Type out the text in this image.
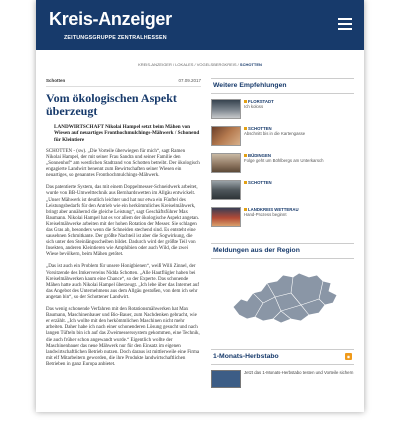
Kreis-Anzeiger
ZEITUNGSGRUPPE ZENTRALHESSEN
KREIS-ANZEIGER / LOKALES / VOGELSBERGKREIS / SCHOTTEN
Schotten	07.09.2017
Vom ökologischen Aspekt überzeugt
LANDWIRTSCHAFT Nikolai Hampel setzt beim Mähen von Wiesen auf neuartiges Fronthochmulchings-Mähwerk / Schonend für Kleintiere

SCHOTTEN - (sw). „Die Vorteile überwiegen für mich“, sagt Ramen Nikolai Hampel, der mit seiner Frau Sandra und seiner Familie den „Sonnenhof“ am westlichen Stadtrand von Schotten betreibt. Der ökologisch engagierte Landwirt benennt zum Bewirtschaften seiner Wiesen ein neuartiges, so genanntes Fronthochmulchings-Mähwerk.

Das patentierte System, das mit einem Doppelmesser-Schneidwerk arbeitet, wurde von BB-Umwelttechnik aus Bernhardswetten im Allgäu entwickelt. „Unser Mähwerk ist deutlich leichter und hat nur etwa ein Fünftel des Leistungsbedarfs für den Antrieb wie ein herkömmliches Kreiselmähwerk, bringt aber annähernd die gleiche Leistung“, sagt Geschäftsführer Max Baumann. Nikolai Hampel hat es vor allem der ökologische Aspekt angetan. Kreiselmähwerke arbeiten mit der hohen Rotation der Messer. Sie schlagen das Gras ab, besonders wenn die Schneiden stechend sind. Es entsteht eine sausehnen Schmitkante. Der größte Nachteil ist aber die Sogwirkung, die sich unter den Steinlängsscheiben bildet. Dadurch wird der größte Teil von Insekten, anderen Kleintieren wie Amphibien oder auch Wild, die zwei Wiese bevölkern, beim Mähen getötet.

„Das ist auch ein Problem für unsere Honigbienen“, weiß Willi Zinnel, der Vorsitzende des Imkervereins Nidda Schotten. „Alle Hautflügler haben bei Kreiselmähwerken kaum eine Chance“, so der Experte. Das schonende Mähen hatte auch Nikolai Hampel überzeugt. „Ich lebe über das Internet auf das Angebot des Unternehmens aus dem Allgäu gestoßen, von dem ich sehr angetan bin“, so der Schottener Landwirt.

Das wenig schonende Verfahren mit den Rotationsmähwerken hat Max Baumann, Maschinenbauer und Bio-Bauer, zum Nachdenken gebracht, wie er erzählt. „Ich wollte mit den herkömmlichen Maschinen nicht mehr arbeiten. Daher habe ich nach einer schonenderen Lösung gesucht und nach langen Tüfteln bin ich auf das Zweimesserssystem gekommen, eine Technik, die auch früher schon angewandt wurde.“ Eigentlich wollte der Maschinenbauer das neue Mähwerk nur für den Einsatz im eigenen landwirtschaftlichen Betrieb nutzen. Doch daraus ist mittlerweile eine Firma mit elf Mitarbeitern geworden, die ihre Produkte landwirtschaftlichen Betrieben in ganz Europa anbietet.

Weitere Empfehlungen
FLORSTADT
Ich koloss
SCHOTTEN
Abschnitt bis in die Kartengasse
BÜDINGEN
Folge geht um Böhlbergs am Unterkarsch
SCHOTTEN
LANDKREIS WETTERAU
Hand-Prozess beginnt
Meldungen aus der Region
1-Monats-Herbstabo	◉
Jetzt das 1-Monats-Herbstabo testen und Vorteile sichern
